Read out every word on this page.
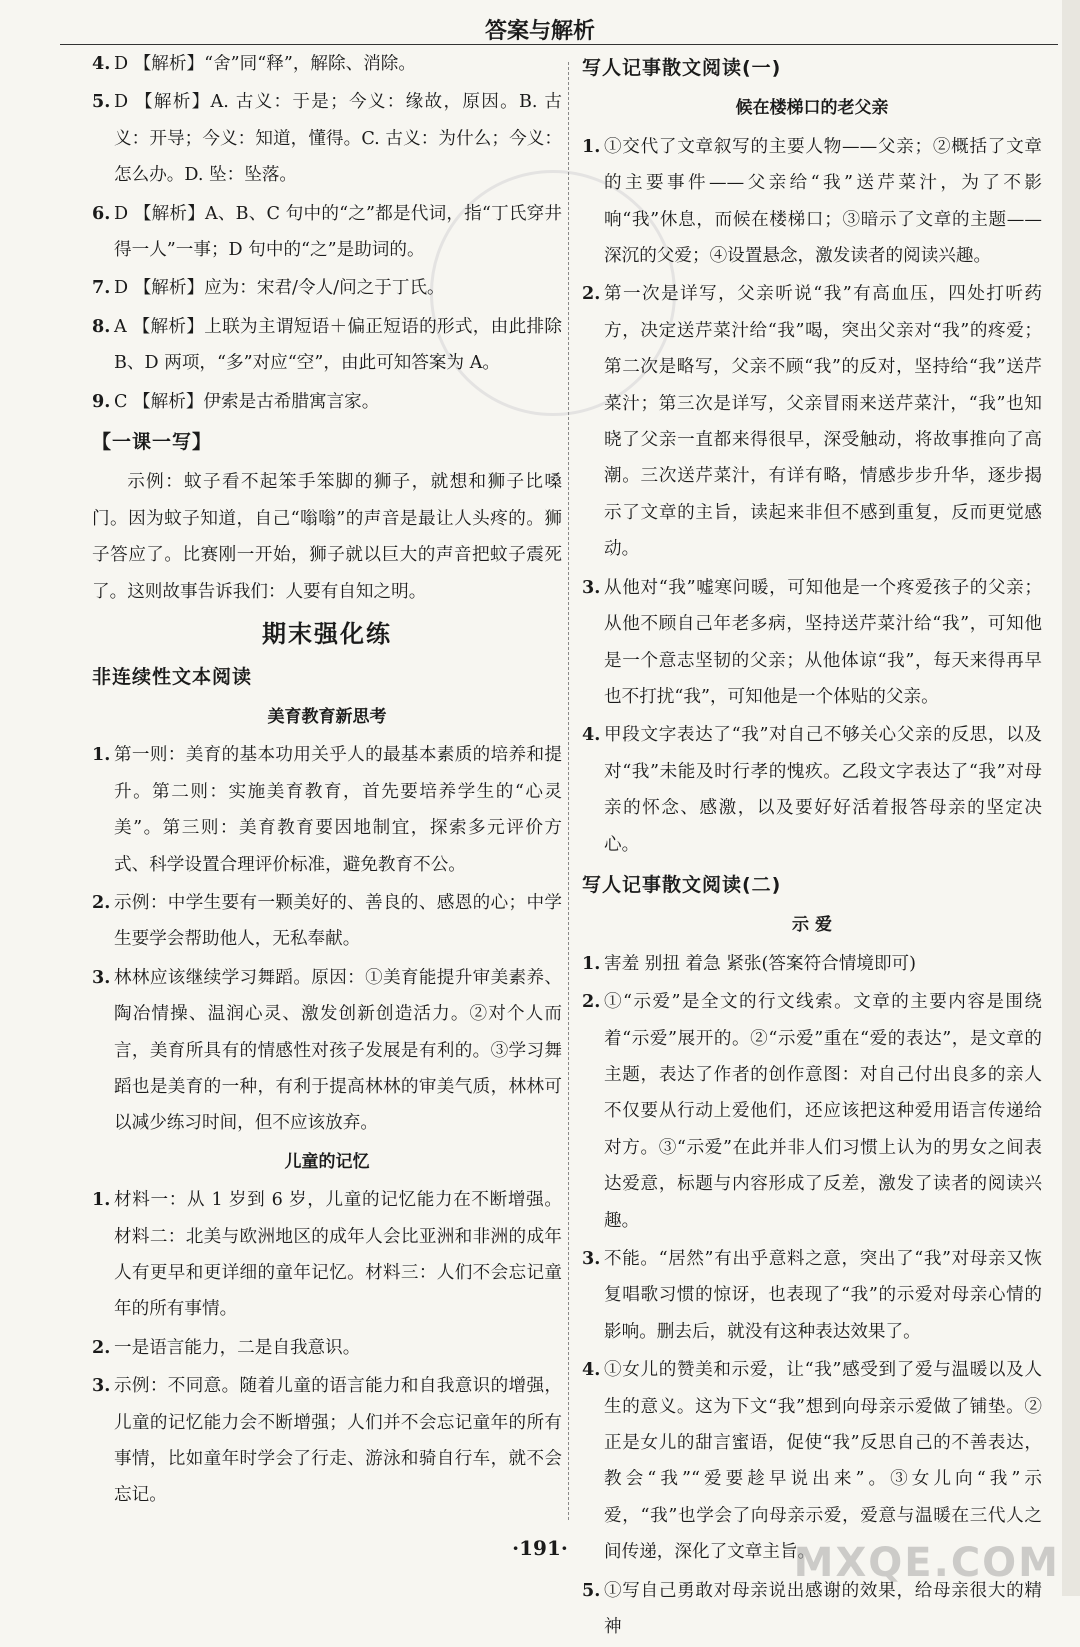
答案与解析
4. D 【解析】“舍”同“释”，解除、消除。
5. D 【解析】A. 古义：于是；今义：缘故，原因。B. 古义：开导；今义：知道，懂得。C. 古义：为什么；今义：怎么办。D. 坠：坠落。
6. D 【解析】A、B、C 句中的“之”都是代词，指“丁氏穿井得一人”一事；D 句中的“之”是助词的。
7. D 【解析】应为：宋君/令人/问之于丁氏。
8. A 【解析】上联为主谓短语＋偏正短语的形式，由此排除 B、D 两项，“多”对应“空”，由此可知答案为 A。
9. C 【解析】伊索是古希腊寓言家。
【一课一写】

示例：蚊子看不起笨手笨脚的狮子，就想和狮子比嗓门。因为蚊子知道，自己“嗡嗡”的声音是最让人头疼的。狮子答应了。比赛刚一开始，狮子就以巨大的声音把蚊子震死了。这则故事告诉我们：人要有自知之明。

期末强化练
非连续性文本阅读
美育教育新思考
1. 第一则：美育的基本功用关乎人的最基本素质的培养和提升。第二则：实施美育教育，首先要培养学生的“心灵美”。第三则：美育教育要因地制宜，探索多元评价方式、科学设置合理评价标准，避免教育不公。
2. 示例：中学生要有一颗美好的、善良的、感恩的心；中学生要学会帮助他人，无私奉献。
3. 林林应该继续学习舞蹈。原因：①美育能提升审美素养、陶冶情操、温润心灵、激发创新创造活力。②对个人而言，美育所具有的情感性对孩子发展是有利的。③学习舞蹈也是美育的一种，有利于提高林林的审美气质，林林可以减少练习时间，但不应该放弃。
儿童的记忆
1. 材料一：从 1 岁到 6 岁，儿童的记忆能力在不断增强。材料二：北美与欧洲地区的成年人会比亚洲和非洲的成年人有更早和更详细的童年记忆。材料三：人们不会忘记童年的所有事情。
2. 一是语言能力，二是自我意识。
3. 示例：不同意。随着儿童的语言能力和自我意识的增强，儿童的记忆能力会不断增强；人们并不会忘记童年的所有事情，比如童年时学会了行走、游泳和骑自行车，就不会忘记。
写人记事散文阅读(一)
候在楼梯口的老父亲
1. ①交代了文章叙写的主要人物——父亲；②概括了文章的主要事件——父亲给“我”送芹菜汁，为了不影响“我”休息，而候在楼梯口；③暗示了文章的主题——深沉的父爱；④设置悬念，激发读者的阅读兴趣。
2. 第一次是详写，父亲听说“我”有高血压，四处打听药方，决定送芹菜汁给“我”喝，突出父亲对“我”的疼爱；第二次是略写，父亲不顾“我”的反对，坚持给“我”送芹菜汁；第三次是详写，父亲冒雨来送芹菜汁，“我”也知晓了父亲一直都来得很早，深受触动，将故事推向了高潮。三次送芹菜汁，有详有略，情感步步升华，逐步揭示了文章的主旨，读起来非但不感到重复，反而更觉感动。
3. 从他对“我”嘘寒问暖，可知他是一个疼爱孩子的父亲；从他不顾自己年老多病，坚持送芹菜汁给“我”，可知他是一个意志坚韧的父亲；从他体谅“我”，每天来得再早也不打扰“我”，可知他是一个体贴的父亲。
4. 甲段文字表达了“我”对自己不够关心父亲的反思，以及对“我”未能及时行孝的愧疚。乙段文字表达了“我”对母亲的怀念、感激，以及要好好活着报答母亲的坚定决心。
写人记事散文阅读(二)
示 爱
1. 害羞 别扭 着急 紧张(答案符合情境即可)
2. ①“示爱”是全文的行文线索。文章的主要内容是围绕着“示爱”展开的。②“示爱”重在“爱的表达”，是文章的主题，表达了作者的创作意图：对自己付出良多的亲人不仅要从行动上爱他们，还应该把这种爱用语言传递给对方。③“示爱”在此并非人们习惯上认为的男女之间表达爱意，标题与内容形成了反差，激发了读者的阅读兴趣。
3. 不能。“居然”有出乎意料之意，突出了“我”对母亲又恢复唱歌习惯的惊讶，也表现了“我”的示爱对母亲心情的影响。删去后，就没有这种表达效果了。
4. ①女儿的赞美和示爱，让“我”感受到了爱与温暖以及人生的意义。这为下文“我”想到向母亲示爱做了铺垫。②正是女儿的甜言蜜语，促使“我”反思自己的不善表达，教会“我”“爱要趁早说出来”。③女儿向“我”示爱，“我”也学会了向母亲示爱，爱意与温暖在三代人之间传递，深化了文章主旨。
5. ①写自己勇敢对母亲说出感谢的效果，给母亲很大的精神
·191·	MXQE.COM
